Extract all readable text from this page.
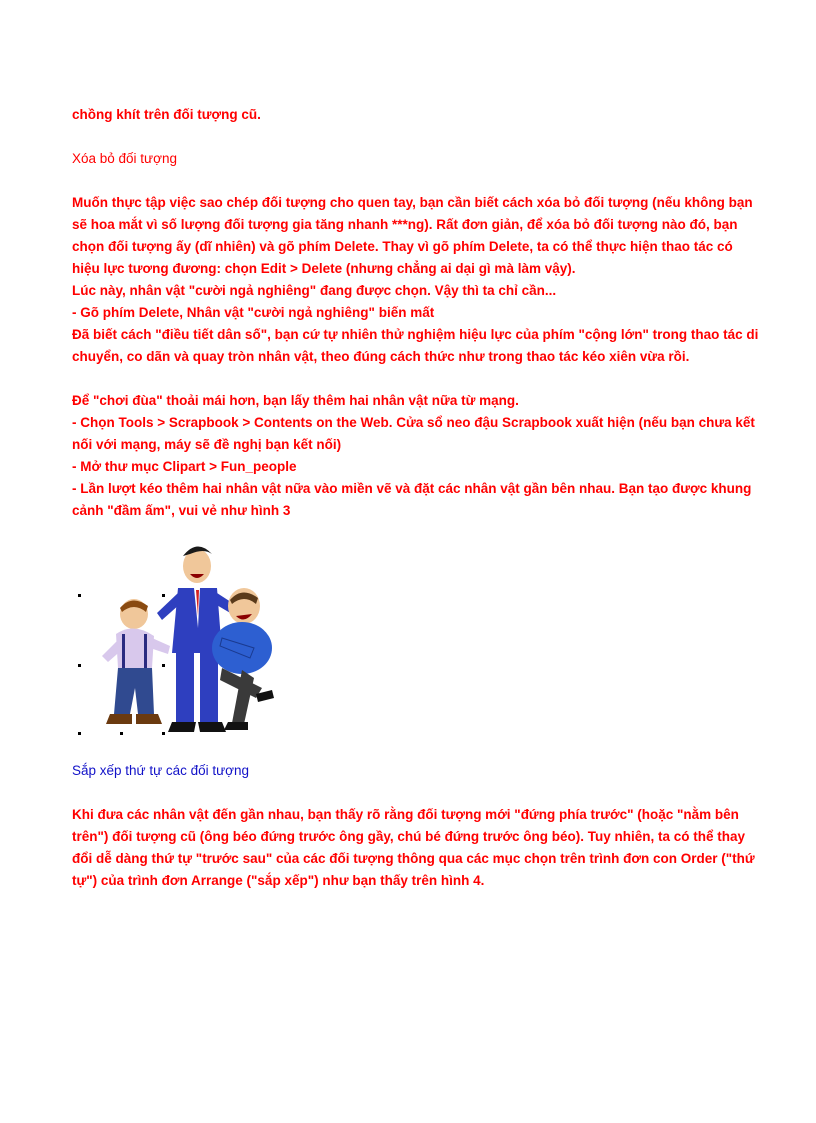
chồng khít trên đối tượng cũ.

Xóa bỏ đối tượng

Muốn thực tập việc sao chép đối tượng cho quen tay, bạn cần biết cách xóa bỏ đối tượng (nếu không bạn sẽ hoa mắt vì số lượng đối tượng gia tăng nhanh ***ng). Rất đơn giản, để xóa bỏ đối tượng nào đó, bạn chọn đối tượng ấy (dĩ nhiên) và gõ phím Delete. Thay vì gõ phím Delete, ta có thể thực hiện thao tác có hiệu lực tương đương: chọn Edit > Delete (nhưng chẳng ai dại gì mà làm vậy).

Lúc này, nhân vật "cười ngả nghiêng" đang được chọn. Vậy thì ta chỉ cần...

- Gõ phím Delete, Nhân vật "cười ngả nghiêng" biến mất

Đã biết cách "điều tiết dân số", bạn cứ tự nhiên thử nghiệm hiệu lực của phím "cộng lớn" trong thao tác di chuyển, co dãn và quay tròn nhân vật, theo đúng cách thức như trong thao tác kéo xiên vừa rồi.

Để "chơi đùa" thoải mái hơn, bạn lấy thêm hai nhân vật nữa từ mạng.

- Chọn Tools > Scrapbook > Contents on the Web. Cửa sổ neo đậu Scrapbook xuất hiện (nếu bạn chưa kết nối với mạng, máy sẽ đề nghị bạn kết nối)

- Mở thư mục Clipart > Fun_people

- Lần lượt kéo thêm hai nhân vật nữa vào miền vẽ và đặt các nhân vật gần bên nhau. Bạn tạo được khung cảnh "đầm ấm", vui vẻ như hình 3

Sắp xếp thứ tự các đối tượng

Khi đưa các nhân vật đến gần nhau, bạn thấy rõ rằng đối tượng mới "đứng phía trước" (hoặc "nằm bên trên") đối tượng cũ (ông béo đứng trước ông gầy, chú bé đứng trước ông béo). Tuy nhiên, ta có thể thay đổi dễ dàng thứ tự "trước sau" của các đối tượng thông qua các mục chọn trên trình đơn con Order ("thứ tự") của trình đơn Arrange ("sắp xếp") như bạn thấy trên hình 4.
